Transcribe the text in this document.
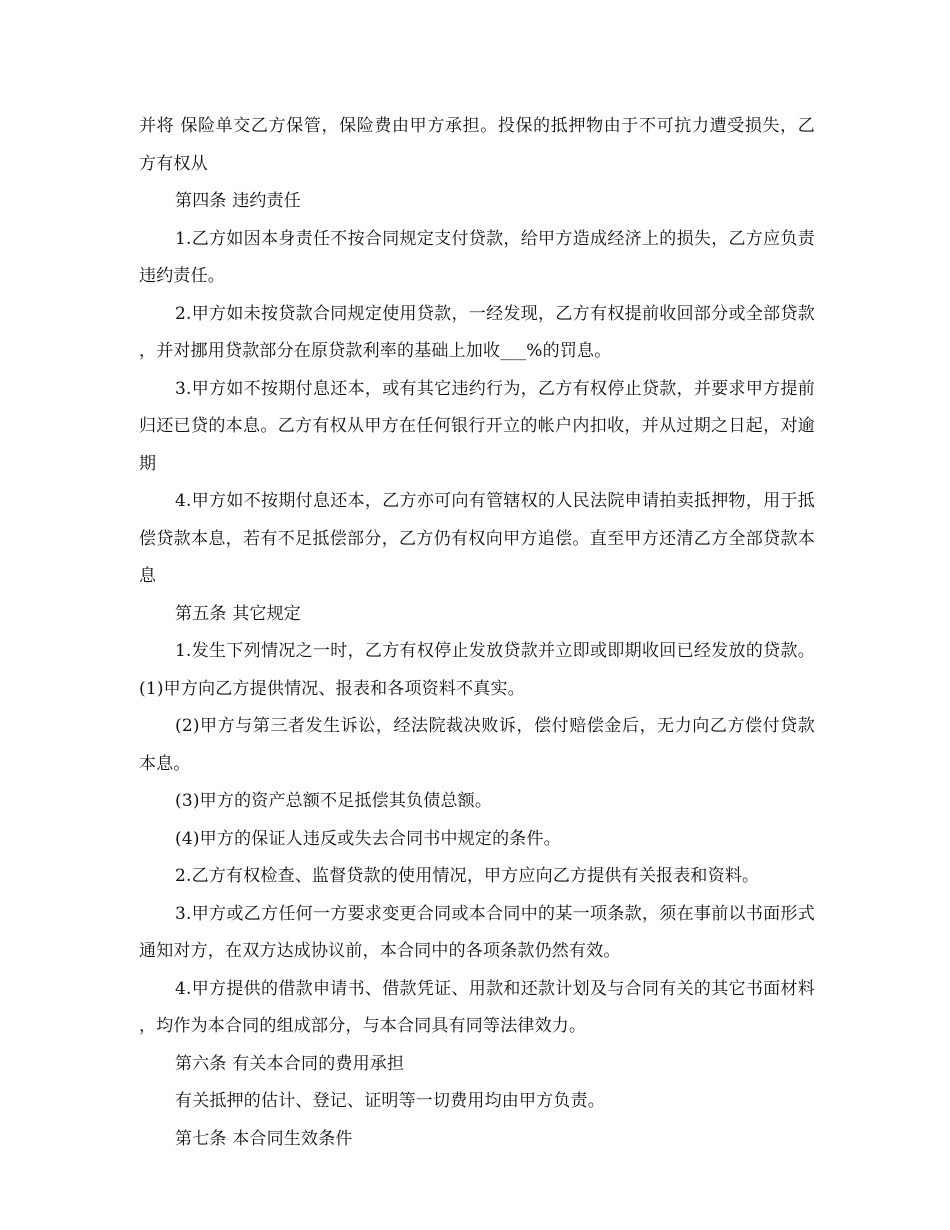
并将 保险单交乙方保管，保险费由甲方承担。投保的抵押物由于不可抗力遭受损失，乙方有权从

第四条 违约责任

1.乙方如因本身责任不按合同规定支付贷款，给甲方造成经济上的损失，乙方应负责 违约责任。

2.甲方如未按贷款合同规定使用贷款，一经发现，乙方有权提前收回部分或全部贷款 ，并对挪用贷款部分在原贷款利率的基础上加收___%的罚息。

3.甲方如不按期付息还本，或有其它违约行为，乙方有权停止贷款，并要求甲方提前 归还已贷的本息。乙方有权从甲方在任何银行开立的帐户内扣收，并从过期之日起，对逾期

4.甲方如不按期付息还本，乙方亦可向有管辖权的人民法院申请拍卖抵押物，用于抵 偿贷款本息，若有不足抵偿部分，乙方仍有权向甲方追偿。直至甲方还清乙方全部贷款本息

第五条 其它规定

1.发生下列情况之一时，乙方有权停止发放贷款并立即或即期收回已经发放的贷款。 (1)甲方向乙方提供情况、报表和各项资料不真实。

(2)甲方与第三者发生诉讼，经法院裁决败诉，偿付赔偿金后，无力向乙方偿付贷款 本息。

(3)甲方的资产总额不足抵偿其负债总额。

(4)甲方的保证人违反或失去合同书中规定的条件。

2.乙方有权检查、监督贷款的使用情况，甲方应向乙方提供有关报表和资料。

3.甲方或乙方任何一方要求变更合同或本合同中的某一项条款，须在事前以书面形式 通知对方，在双方达成协议前，本合同中的各项条款仍然有效。

4.甲方提供的借款申请书、借款凭证、用款和还款计划及与合同有关的其它书面材料 ，均作为本合同的组成部分，与本合同具有同等法律效力。

第六条 有关本合同的费用承担

有关抵押的估计、登记、证明等一切费用均由甲方负责。

第七条 本合同生效条件
